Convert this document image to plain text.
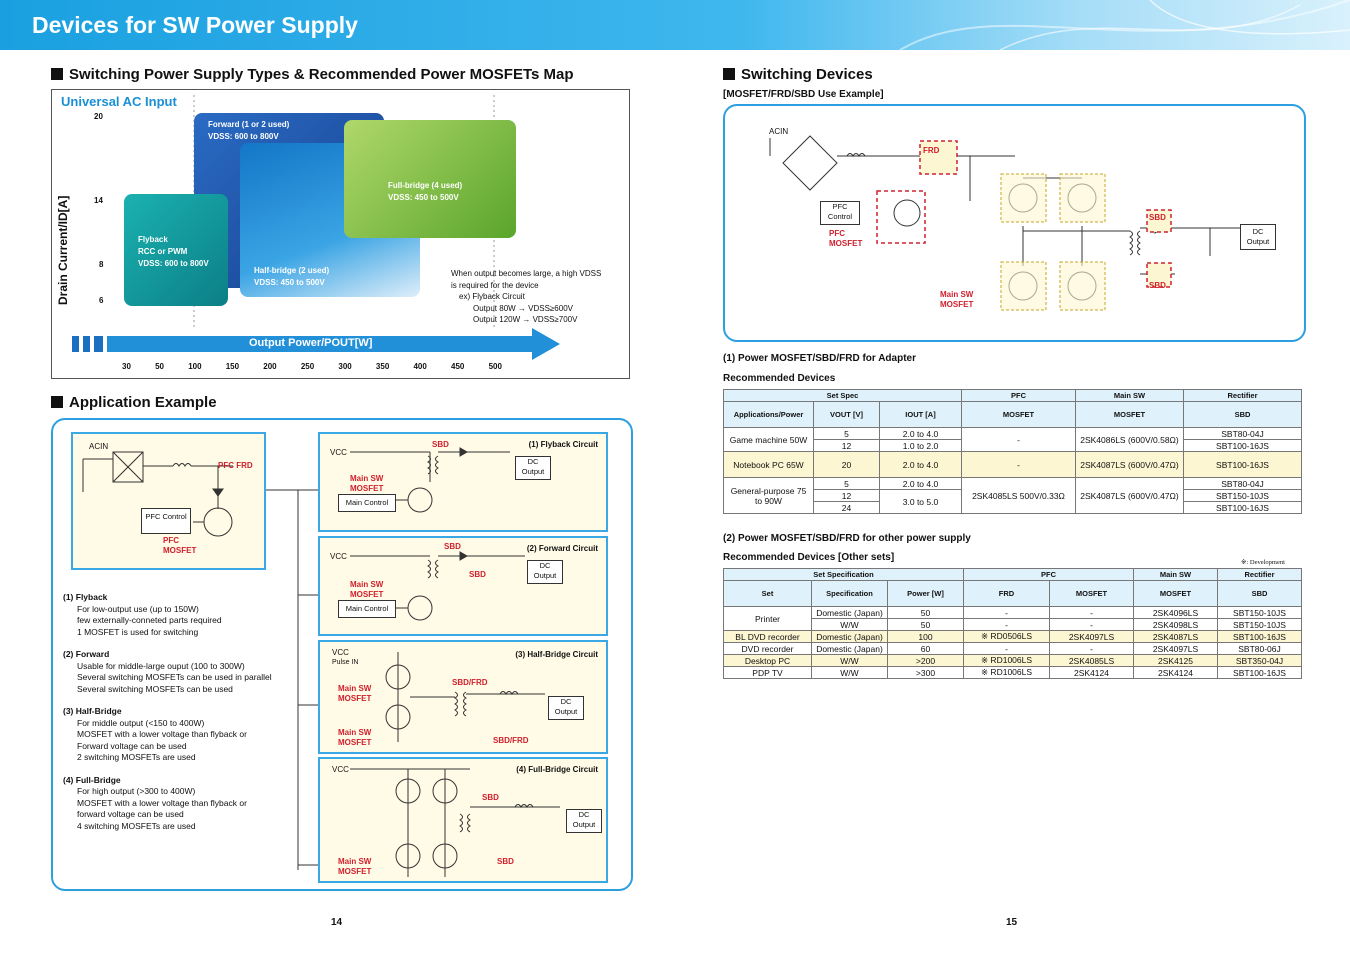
Devices for SW Power Supply
Switching Power Supply Types & Recommended Power MOSFETs Map
Universal AC Input
Drain Current/ID[A]
20
14
8
6
Forward (1 or 2 used)
VDSS: 600 to 800V
Flyback
RCC or PWM
VDSS: 600 to 800V
Half-bridge (2 used)
VDSS: 450 to 500V
Full-bridge (4 used)
VDSS: 450 to 500V
When output becomes large, a high VDSS
is required for the device
ex) Flyback Circuit
Output 80W → VDSS≥600V
Output 120W → VDSS≥700V
Output Power/POUT[W]
30	50	100	150	200	250	300	350	400	450	500
Application Example
ACIN
PFC FRD
PFC Control
PFC MOSFET
(1) Flyback Circuit
VCC
SBD
Main SW MOSFET
Main Control
DC Output
(2) Forward Circuit
VCC
SBD
SBD
Main SW MOSFET
Main Control
DC Output
(3) Half-Bridge Circuit
VCC
Pulse IN
SBD/FRD
SBD/FRD
Main SW MOSFET
Main SW MOSFET
DC Output
(4) Full-Bridge Circuit
VCC
SBD
SBD
Main SW MOSFET
DC Output
(1) Flyback
For low-output use (up to 150W)
few externally-conneted parts required
1 MOSFET is used for switching
(2) Forward
Usable for middle-large ouput (100 to 300W)
Several switching MOSFETs can be used in parallel
Several switching MOSFETs can be used
(3) Half-Bridge
For middle output (<150 to 400W)
MOSFET with a lower voltage than flyback or
Forward voltage can be used
2 switching MOSFETs are used
(4) Full-Bridge
For high output (>300 to 400W)
MOSFET with a lower voltage than flyback or
forward voltage can be used
4 switching MOSFETs are used
14
Switching Devices
[MOSFET/FRD/SBD Use Example]
ACIN
FRD
SBD
SBD
PFC Control
PFC MOSFET
Main SW MOSFET
DC Output
(1) Power MOSFET/SBD/FRD for Adapter
Recommended Devices
Set Spec			PFC	Main SW	Rectifier
Applications/Power	VOUT [V]	IOUT [A]	MOSFET	MOSFET	SBD
Game machine 50W	5	2.0 to 4.0	-	2SK4086LS (600V/0.58Ω)	SBT80-04J
	12	1.0 to 2.0			SBT100-16JS
Notebook PC 65W	20	2.0 to 4.0	-	2SK4087LS (600V/0.47Ω)	SBT100-16JS
General-purpose 75 to 90W	5	2.0 to 4.0	2SK4085LS 500V/0.33Ω	2SK4087LS (600V/0.47Ω)	SBT80-04J
	12	3.0 to 5.0			SBT150-10JS
	24				SBT100-16JS
(2) Power MOSFET/SBD/FRD for other power supply
Recommended Devices [Other sets]	※: Development
Set Specification			PFC		Main SW	Rectifier
Set	Specification	Power [W]	FRD	MOSFET	MOSFET	SBD
Printer	Domestic (Japan)	50	-	-	2SK4096LS	SBT150-10JS
	W/W	50	-	-	2SK4098LS	SBT150-10JS
BL DVD recorder	Domestic (Japan)	100	※ RD0506LS	2SK4097LS	2SK4087LS	SBT100-16JS
DVD recorder	Domestic (Japan)	60	-	-	2SK4097LS	SBT80-06J
Desktop PC	W/W	>200	※ RD1006LS	2SK4085LS	2SK4125	SBT350-04J
PDP TV	W/W	>300	※ RD1006LS	2SK4124	2SK4124	SBT100-16JS
15
